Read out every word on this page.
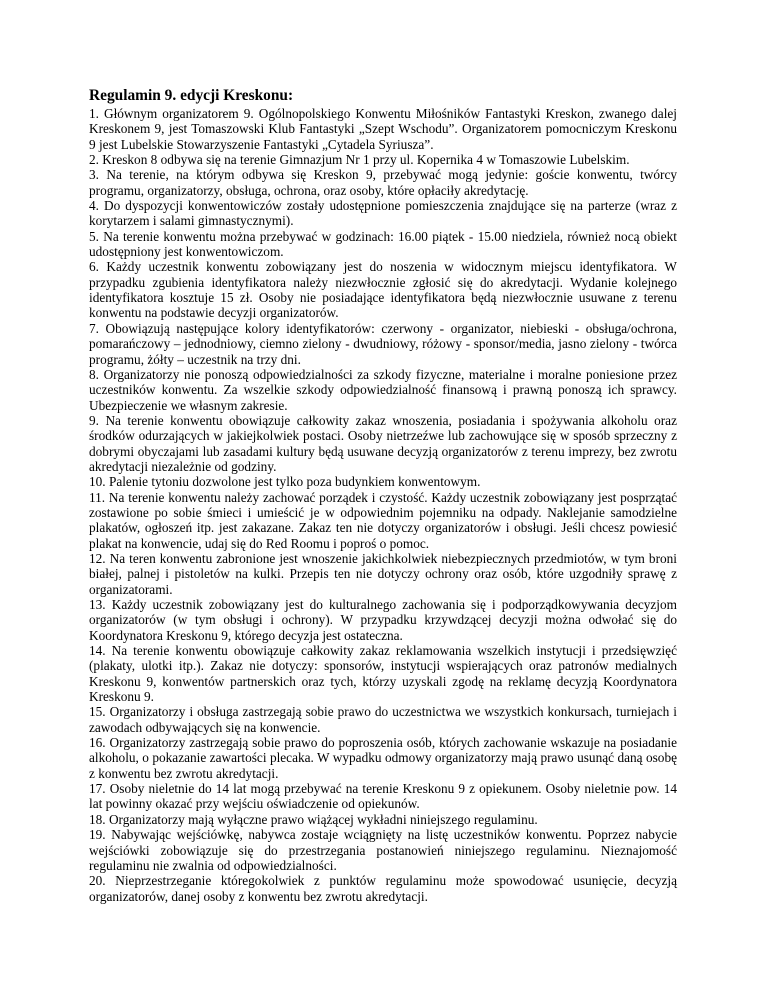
Regulamin 9. edycji Kreskonu:

1. Głównym organizatorem 9. Ogólnopolskiego Konwentu Miłośników Fantastyki Kreskon, zwanego dalej Kreskonem 9, jest Tomaszowski Klub Fantastyki „Szept Wschodu”. Organizatorem pomocniczym Kreskonu 9 jest Lubelskie Stowarzyszenie Fantastyki „Cytadela Syriusza”.

2. Kreskon 8 odbywa się na terenie Gimnazjum Nr 1 przy ul. Kopernika 4 w Tomaszowie Lubelskim.

3. Na terenie, na którym odbywa się Kreskon 9, przebywać mogą jedynie: goście konwentu, twórcy programu, organizatorzy, obsługa, ochrona, oraz osoby, które opłaciły akredytację.

4. Do dyspozycji konwentowiczów zostały udostępnione pomieszczenia znajdujące się na parterze (wraz z korytarzem i salami gimnastycznymi).

5. Na terenie konwentu można przebywać w godzinach: 16.00 piątek - 15.00 niedziela, również nocą obiekt udostępniony jest konwentowiczom.

6. Każdy uczestnik konwentu zobowiązany jest do noszenia w widocznym miejscu identyfikatora. W przypadku zgubienia identyfikatora należy niezwłocznie zgłosić się do akredytacji. Wydanie kolejnego identyfikatora kosztuje 15 zł. Osoby nie posiadające identyfikatora będą niezwłocznie usuwane z terenu konwentu na podstawie decyzji organizatorów.

7. Obowiązują następujące kolory identyfikatorów: czerwony - organizator, niebieski - obsługa/ochrona, pomarańczowy – jednodniowy, ciemno zielony - dwudniowy, różowy - sponsor/media, jasno zielony - twórca programu, żółty – uczestnik na trzy dni.

8. Organizatorzy nie ponoszą odpowiedzialności za szkody fizyczne, materialne i moralne poniesione przez uczestników konwentu. Za wszelkie szkody odpowiedzialność finansową i prawną ponoszą ich sprawcy. Ubezpieczenie we własnym zakresie.

9. Na terenie konwentu obowiązuje całkowity zakaz wnoszenia, posiadania i spożywania alkoholu oraz środków odurzających w jakiejkolwiek postaci. Osoby nietrzeźwe lub zachowujące się w sposób sprzeczny z dobrymi obyczajami lub zasadami kultury będą usuwane decyzją organizatorów z terenu imprezy, bez zwrotu akredytacji niezależnie od godziny.

10. Palenie tytoniu dozwolone jest tylko poza budynkiem konwentowym.

11. Na terenie konwentu należy zachować porządek i czystość. Każdy uczestnik zobowiązany jest posprzątać zostawione po sobie śmieci i umieścić je w odpowiednim pojemniku na odpady. Naklejanie samodzielne plakatów, ogłoszeń itp. jest zakazane. Zakaz ten nie dotyczy organizatorów i obsługi. Jeśli chcesz powiesić plakat na konwencie, udaj się do Red Roomu i poproś o pomoc.

12. Na teren konwentu zabronione jest wnoszenie jakichkolwiek niebezpiecznych przedmiotów, w tym broni białej, palnej i pistoletów na kulki. Przepis ten nie dotyczy ochrony oraz osób, które uzgodniły sprawę z organizatorami.

13. Każdy uczestnik zobowiązany jest do kulturalnego zachowania się i podporządkowywania decyzjom organizatorów (w tym obsługi i ochrony). W przypadku krzywdzącej decyzji można odwołać się do Koordynatora Kreskonu 9, którego decyzja jest ostateczna.

14. Na terenie konwentu obowiązuje całkowity zakaz reklamowania wszelkich instytucji i przedsięwzięć (plakaty, ulotki itp.). Zakaz nie dotyczy: sponsorów, instytucji wspierających oraz patronów medialnych Kreskonu 9, konwentów partnerskich oraz tych, którzy uzyskali zgodę na reklamę decyzją Koordynatora Kreskonu 9.

15. Organizatorzy i obsługa zastrzegają sobie prawo do uczestnictwa we wszystkich konkursach, turniejach i zawodach odbywających się na konwencie.

16. Organizatorzy zastrzegają sobie prawo do poproszenia osób, których zachowanie wskazuje na posiadanie alkoholu, o pokazanie zawartości plecaka. W wypadku odmowy organizatorzy mają prawo usunąć daną osobę z konwentu bez zwrotu akredytacji.

17. Osoby nieletnie do 14 lat mogą przebywać na terenie Kreskonu 9 z opiekunem. Osoby nieletnie pow. 14 lat powinny okazać przy wejściu oświadczenie od opiekunów.

18. Organizatorzy mają wyłączne prawo wiążącej wykładni niniejszego regulaminu.

19. Nabywając wejściówkę, nabywca zostaje wciągnięty na listę uczestników konwentu. Poprzez nabycie wejściówki zobowiązuje się do przestrzegania postanowień niniejszego regulaminu. Nieznajomość regulaminu nie zwalnia od odpowiedzialności.

20. Nieprzestrzeganie któregokolwiek z punktów regulaminu może spowodować usunięcie, decyzją organizatorów, danej osoby z konwentu bez zwrotu akredytacji.
